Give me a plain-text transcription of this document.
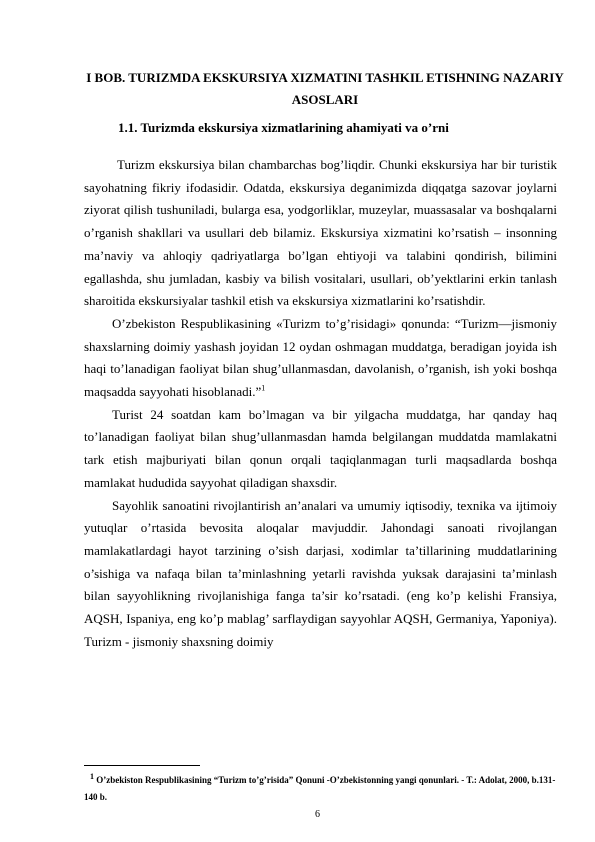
I BOB. TURIZMDA EKSKURSIYA XIZMATINI TASHKIL ETISHNING NAZARIY ASOSLARI
1.1. Turizmda ekskursiya xizmatlarining ahamiyati va o’rni

Turizm ekskursiya bilan chambarchas bog’liqdir. Chunki ekskursiya har bir turistik sayohatning fikriy ifodasidir. Odatda, ekskursiya deganimizda diqqatga sazovar joylarni ziyorat qilish tushuniladi, bularga esa, yodgorliklar, muzeylar, muassasalar va boshqalarni o’rganish shakllari va usullari deb bilamiz. Ekskursiya xizmatini ko’rsatish – insonning ma’naviy va ahloqiy qadriyatlarga bo’lgan ehtiyoji va talabini qondirish, bilimini egallashda, shu jumladan, kasbiy va bilish vositalari, usullari, ob’yektlarini erkin tanlash sharoitida ekskursiyalar tashkil etish va ekskursiya xizmatlarini ko’rsatishdir.

O’zbekiston Respublikasining «Turizm to’g’risidagi» qonunda: “Turizm—jismoniy shaxslarning doimiy yashash joyidan 12 oydan oshmagan muddatga, beradigan joyida ish haqi to’lanadigan faoliyat bilan shug’ullanmasdan, davolanish, o’rganish, ish yoki boshqa maqsadda sayyohati hisoblanadi.”$^1$

Turist 24 soatdan kam bo’lmagan va bir yilgacha muddatga, har qanday haq to’lanadigan faoliyat bilan shug’ullanmasdan hamda belgilangan muddatda mamlakatni tark etish majburiyati bilan qonun orqali taqiqlanmagan turli maqsadlarda boshqa mamlakat hududida sayyohat qiladigan shaxsdir.

Sayohlik sanoatini rivojlantirish an’analari va umumiy iqtisodiy, texnika va ijtimoiy yutuqlar o’rtasida bevosita aloqalar mavjuddir. Jahondagi sanoati rivojlangan mamlakatlardagi hayot tarzining o’sish darjasi, xodimlar ta’tillarining muddatlarining o’sishiga va nafaqa bilan ta’minlashning yetarli ravishda yuksak darajasini ta’minlash bilan sayyohlikning rivojlanishiga fanga ta’sir ko’rsatadi. (eng ko’p kelishi Fransiya, AQSH, Ispaniya, eng ko’p mablag’ sarflaydigan sayyohlar AQSH, Germaniya, Yaponiya). Turizm - jismoniy shaxsning doimiy

$^1$ O’zbekiston Respublikasining “Turizm to’g’risida” Qonuni -O’zbekistonning yangi qonunlari. - T.: Adolat, 2000, b.131-140 b.
6
